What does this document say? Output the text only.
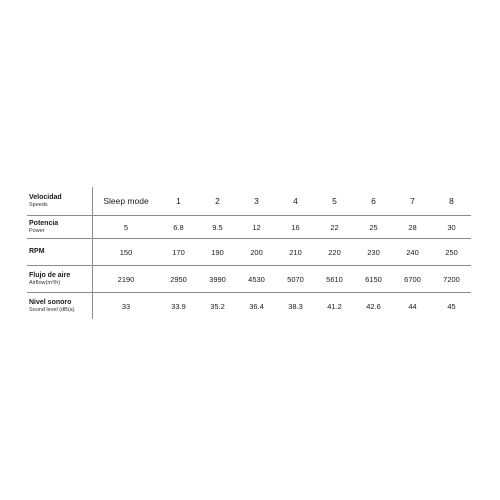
Velocidad
Speeds	Sleep mode	1	2	3	4	5	6	7	8
Potencia
Power	5	6.8	9.5	12	16	22	25	28	30
RPM	150	170	190	200	210	220	230	240	250
Flujo de aire
Airflow(m³/h)	2190	2950	3990	4530	5070	5610	6150	6700	7200
Nivel sonoro
Sound level (dB(a)	33	33.9	35.2	36.4	38.3	41.2	42.6	44	45
